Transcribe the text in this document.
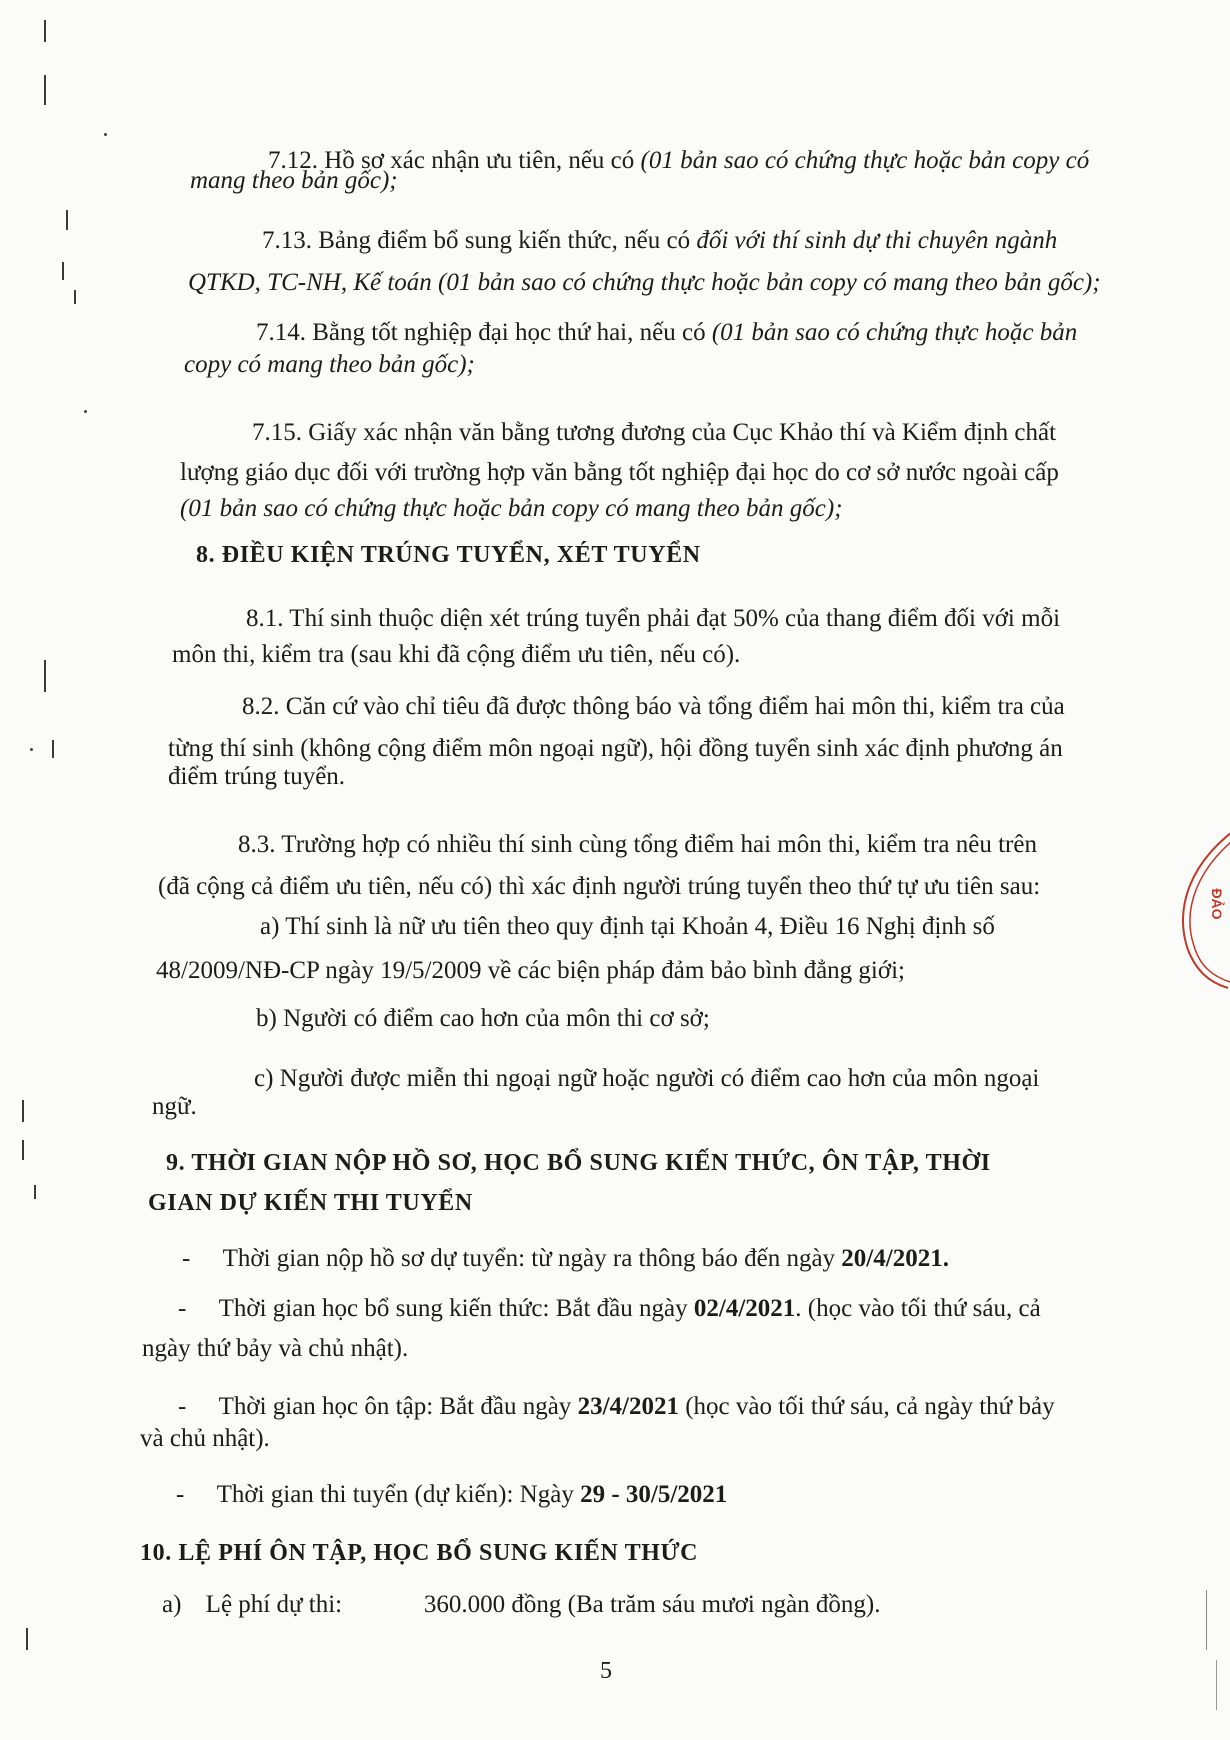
7.12. Hồ sơ xác nhận ưu tiên, nếu có (01 bản sao có chứng thực hoặc bản copy có
mang theo bản gốc);
7.13. Bảng điểm bổ sung kiến thức, nếu có đối với thí sinh dự thi chuyên ngành
QTKD, TC-NH, Kế toán (01 bản sao có chứng thực hoặc bản copy có mang theo bản gốc);
7.14. Bằng tốt nghiệp đại học thứ hai, nếu có (01 bản sao có chứng thực hoặc bản
copy có mang theo bản gốc);
7.15. Giấy xác nhận văn bằng tương đương của Cục Khảo thí và Kiểm định chất
lượng giáo dục đối với trường hợp văn bằng tốt nghiệp đại học do cơ sở nước ngoài cấp
(01 bản sao có chứng thực hoặc bản copy có mang theo bản gốc);
8. ĐIỀU KIỆN TRÚNG TUYỂN, XÉT TUYỂN
8.1. Thí sinh thuộc diện xét trúng tuyển phải đạt 50% của thang điểm đối với mỗi
môn thi, kiểm tra (sau khi đã cộng điểm ưu tiên, nếu có).
8.2. Căn cứ vào chỉ tiêu đã được thông báo và tổng điểm hai môn thi, kiểm tra của
từng thí sinh (không cộng điểm môn ngoại ngữ), hội đồng tuyển sinh xác định phương án
điểm trúng tuyển.
8.3. Trường hợp có nhiều thí sinh cùng tổng điểm hai môn thi, kiểm tra nêu trên
(đã cộng cả điểm ưu tiên, nếu có) thì xác định người trúng tuyển theo thứ tự ưu tiên sau:
a) Thí sinh là nữ ưu tiên theo quy định tại Khoản 4, Điều 16 Nghị định số
48/2009/NĐ-CP ngày 19/5/2009 về các biện pháp đảm bảo bình đẳng giới;
b) Người có điểm cao hơn của môn thi cơ sở;
c) Người được miễn thi ngoại ngữ hoặc người có điểm cao hơn của môn ngoại
ngữ.
9. THỜI GIAN NỘP HỒ SƠ, HỌC BỔ SUNG KIẾN THỨC, ÔN TẬP, THỜI
GIAN DỰ KIẾN THI TUYỂN
- Thời gian nộp hồ sơ dự tuyển: từ ngày ra thông báo đến ngày 20/4/2021.
- Thời gian học bổ sung kiến thức: Bắt đầu ngày 02/4/2021. (học vào tối thứ sáu, cả
ngày thứ bảy và chủ nhật).
- Thời gian học ôn tập: Bắt đầu ngày 23/4/2021 (học vào tối thứ sáu, cả ngày thứ bảy
và chủ nhật).
- Thời gian thi tuyển (dự kiến): Ngày 29 - 30/5/2021
10. LỆ PHÍ ÔN TẬP, HỌC BỔ SUNG KIẾN THỨC
a) Lệ phí dự thi:	360.000 đồng (Ba trăm sáu mươi ngàn đồng).
5
ĐẢO
